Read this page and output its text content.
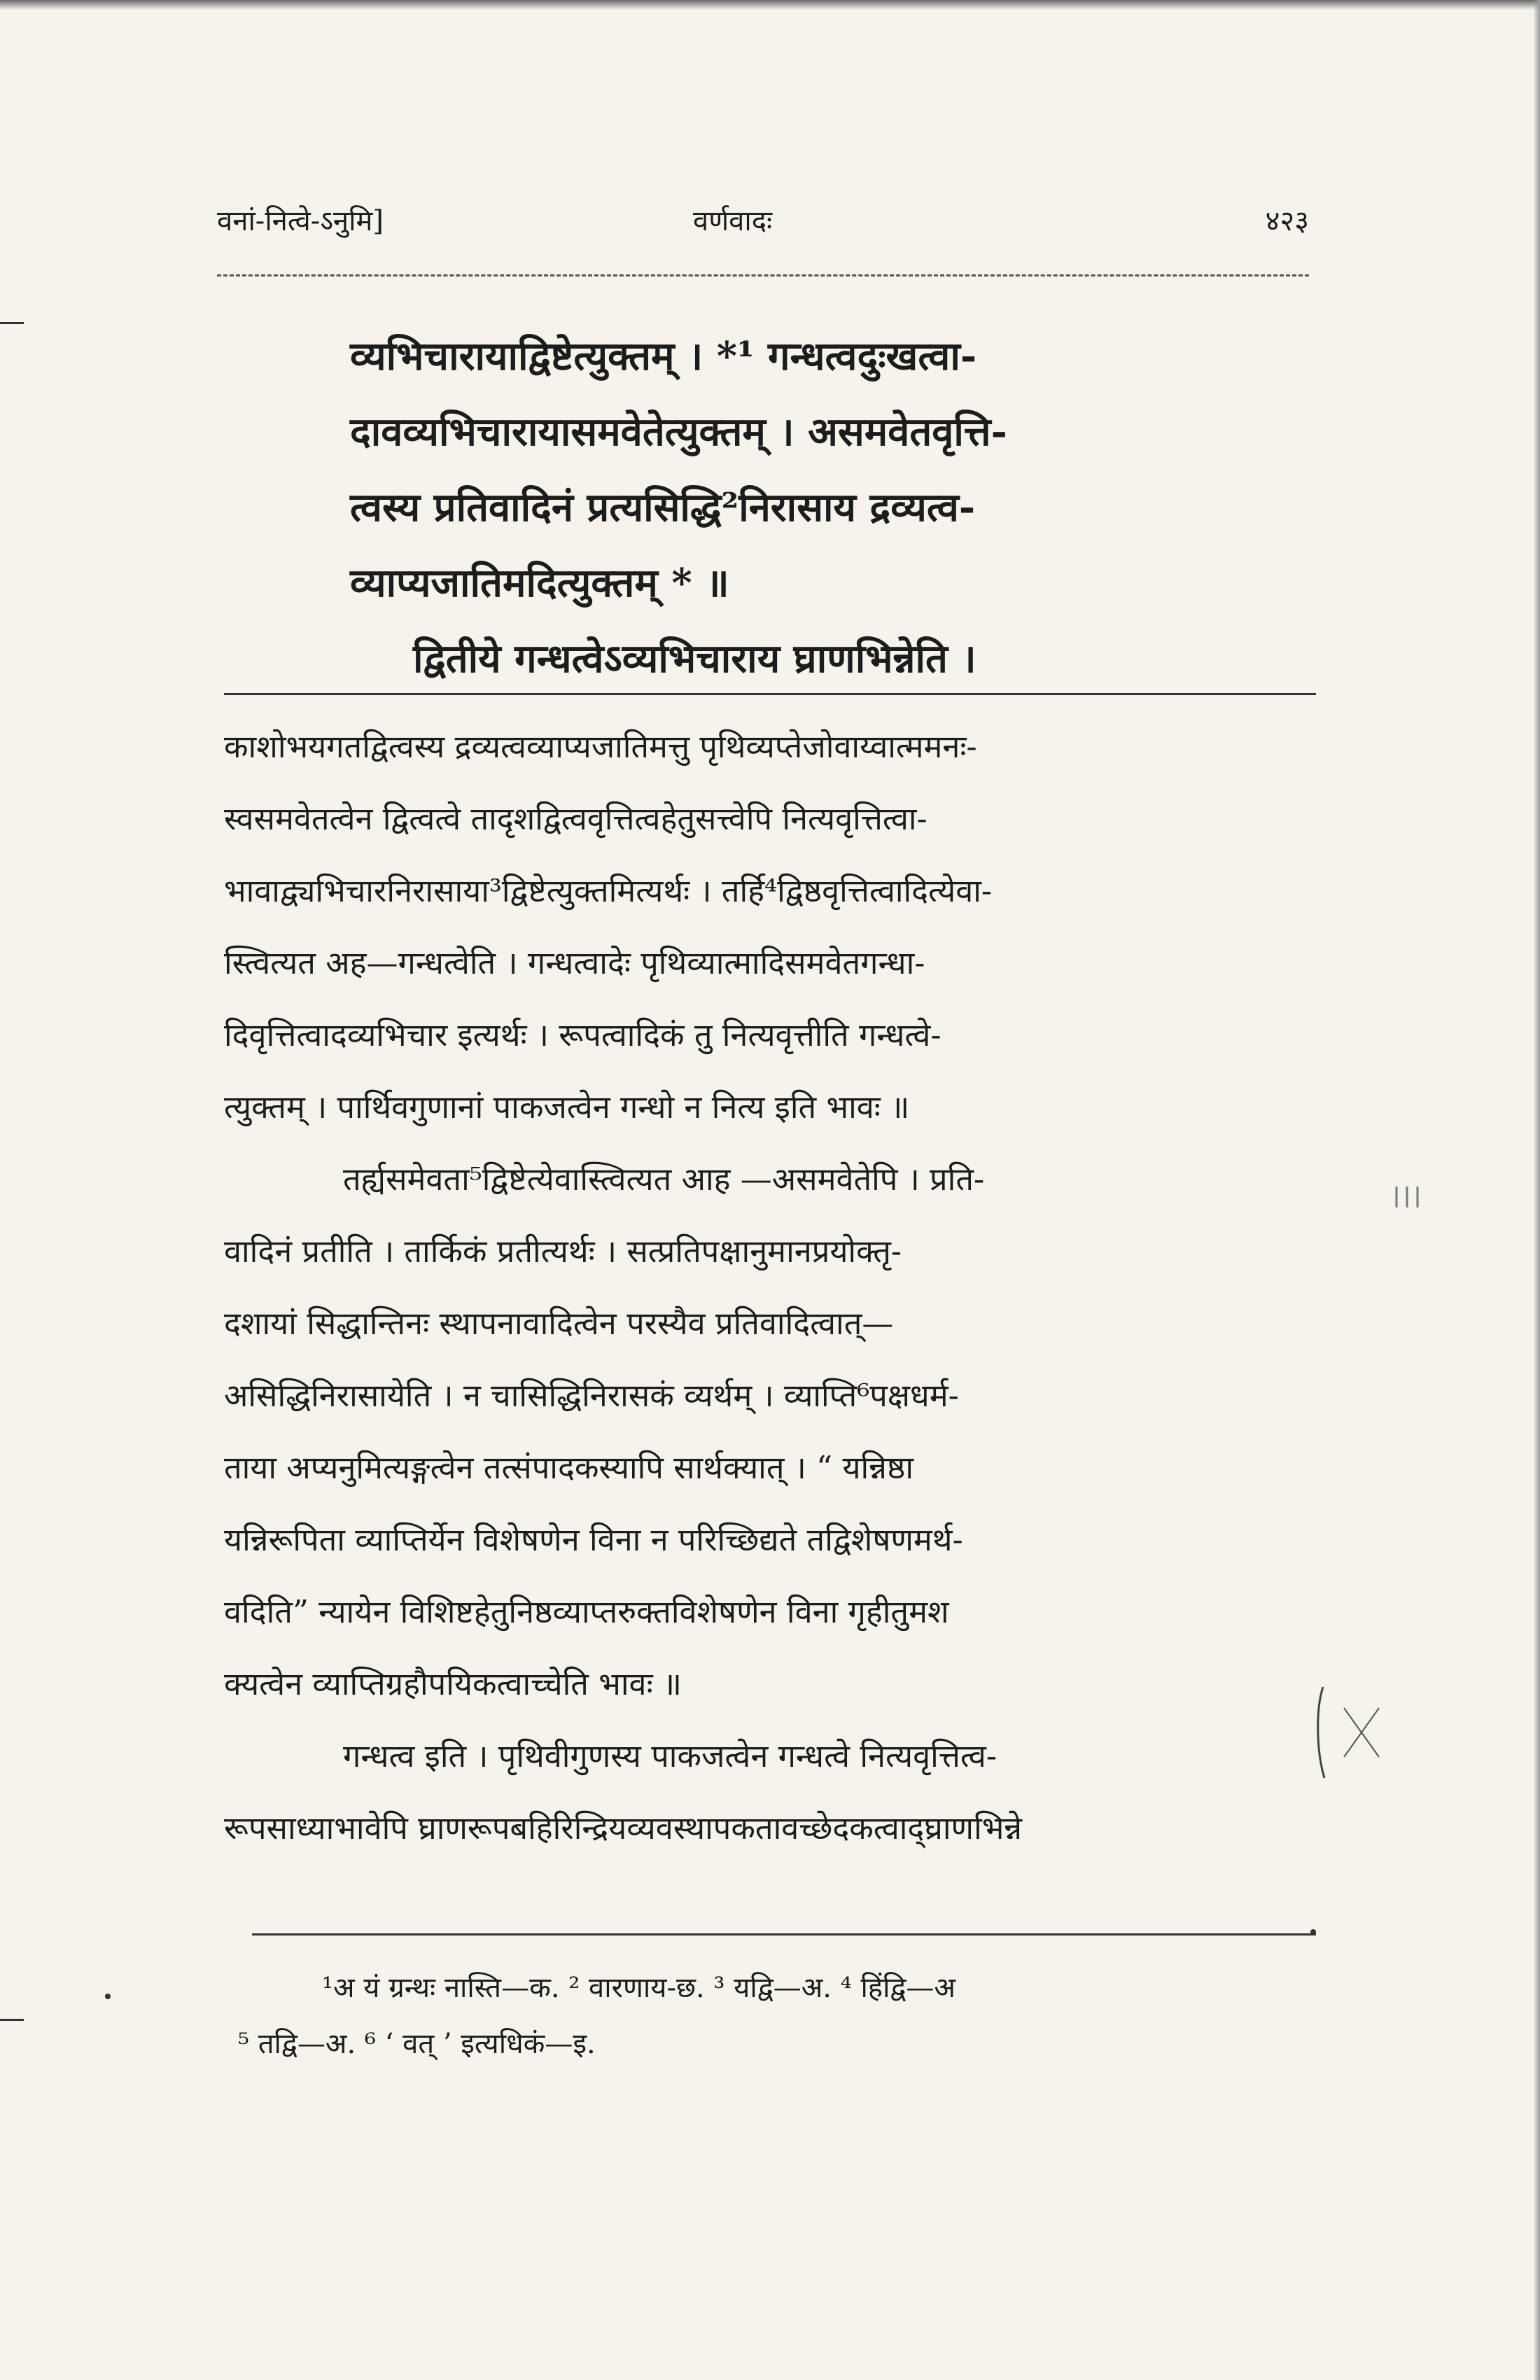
वनां-नित्वे-ऽनुमि]	वर्णवादः	४२३
व्यभिचारायाद्विष्टेत्युक्तम् । *¹ गन्धत्वदुःखत्वा-
दावव्यभिचारायासमवेतेत्युक्तम् । असमवेतवृत्ति-
त्वस्य प्रतिवादिनं प्रत्यसिद्धि²निरासाय द्रव्यत्व-
व्याप्यजातिमदित्युक्तम् * ॥
द्वितीये गन्धत्वेऽव्यभिचाराय घ्राणभिन्नेति ।
काशोभयगतद्वित्वस्य द्रव्यत्वव्याप्यजातिमत्तु पृथिव्यप्तेजोवाय्वात्ममनः-
स्वसमवेतत्वेन द्वित्वत्वे तादृशद्वित्ववृत्तित्वहेतुसत्त्वेपि नित्यवृत्तित्वा-
भावाद्व्यभिचारनिरासाया³द्विष्टेत्युक्तमित्यर्थः । तर्हि⁴द्विष्ठवृत्तित्वादित्येवा-
स्त्वित्यत अह—गन्धत्वेति । गन्धत्वादेः पृथिव्यात्मादिसमवेतगन्धा-
दिवृत्तित्वादव्यभिचार इत्यर्थः । रूपत्वादिकं तु नित्यवृत्तीति गन्धत्वे-
त्युक्तम् । पार्थिवगुणानां पाकजत्वेन गन्धो न नित्य इति भावः ॥
तर्ह्यसमेवता⁵द्विष्टेत्येवास्त्वित्यत आह —असमवेतेपि । प्रति-
वादिनं प्रतीति । तार्किकं प्रतीत्यर्थः । सत्प्रतिपक्षानुमानप्रयोक्तृ-
दशायां सिद्धान्तिनः स्थापनावादित्वेन परस्यैव प्रतिवादित्वात्—
असिद्धिनिरासायेति । न चासिद्धिनिरासकं व्यर्थम् । व्याप्ति⁶पक्षधर्म-
ताया अप्यनुमित्यङ्गत्वेन तत्संपादकस्यापि सार्थक्यात् । “ यन्निष्ठा
यन्निरूपिता व्याप्तिर्येन विशेषणेन विना न परिच्छिद्यते तद्विशेषणमर्थ-
वदिति” न्यायेन विशिष्टहेतुनिष्ठव्याप्तरुक्तविशेषणेन विना गृहीतुमश
क्यत्वेन व्याप्तिग्रहौपयिकत्वाच्चेति भावः ॥
गन्धत्व इति । पृथिवीगुणस्य पाकजत्वेन गन्धत्वे नित्यवृत्तित्व-
रूपसाध्याभावेपि घ्राणरूपबहिरिन्द्रियव्यवस्थापकतावच्छेदकत्वाद्घ्राणभिन्ने
¹अ यं ग्रन्थः नास्ति—क. ² वारणाय-छ. ³ यद्वि—अ. ⁴ हिंद्वि—अ
⁵ तद्वि—अ. ⁶ ‘ वत् ’ इत्यधिकं—इ.
